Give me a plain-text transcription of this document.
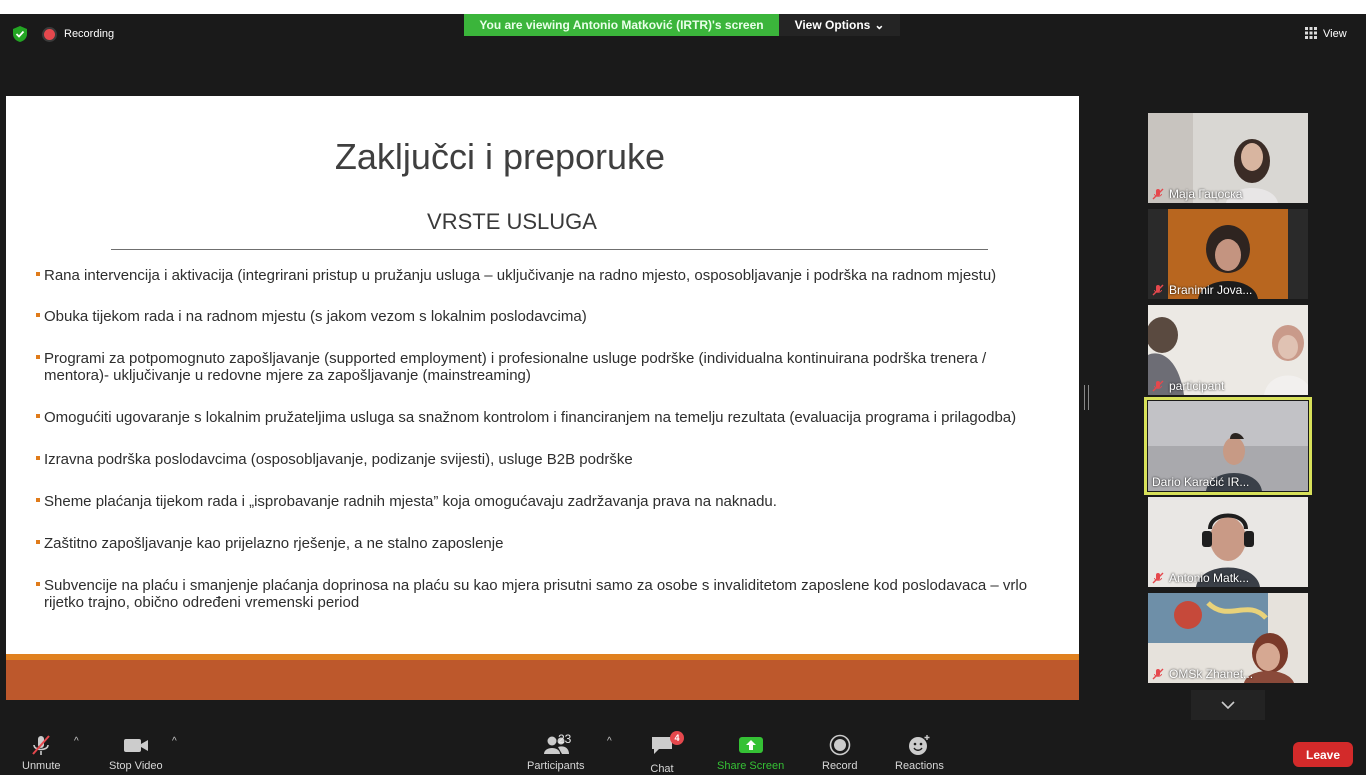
Recording
You are viewing Antonio Matković (IRTR)'s screen	View Options ⌄
View
Zaključci i preporuke
VRSTE USLUGA
Rana intervencija i aktivacija (integrirani pristup u pružanju usluga – uključivanje na radno mjesto, osposobljavanje i podrška na radnom mjestu)
Obuka tijekom rada i na radnom mjestu (s jakom vezom s lokalnim poslodavcima)
Programi za potpomognuto zapošljavanje (supported employment) i profesionalne usluge podrške (individualna kontinuirana podrška trenera / mentora)- uključivanje u redovne mjere za zapošljavanje (mainstreaming)
Omogućiti ugovaranje s lokalnim pružateljima usluga sa snažnom kontrolom i financiranjem na temelju rezultata (evaluacija programa i prilagodba)
Izravna podrška poslodavcima (osposobljavanje, podizanje svijesti), usluge B2B podrške
Sheme plaćanja tijekom rada i „isprobavanje radnih mjesta” koja omogućavaju zadržavanja prava na naknadu.
Zaštitno zapošljavanje kao prijelazno rješenje, a ne stalno zaposlenje
Subvencije na plaću i smanjenje plaćanja doprinosa na plaću su kao mjera prisutni samo za osobe s invaliditetom zaposlene kod poslodavaca – vrlo rijetko trajno, obično određeni vremenski period
Мaja Гацоска
Branimir Jova...
participant
Dario Karačić IR...
Antonio Matk...
OMSk Zhanet...
Unmute
^
Stop Video
^	23
Participants
^	4
Chat	Share Screen	Record	Reactions
Leave
